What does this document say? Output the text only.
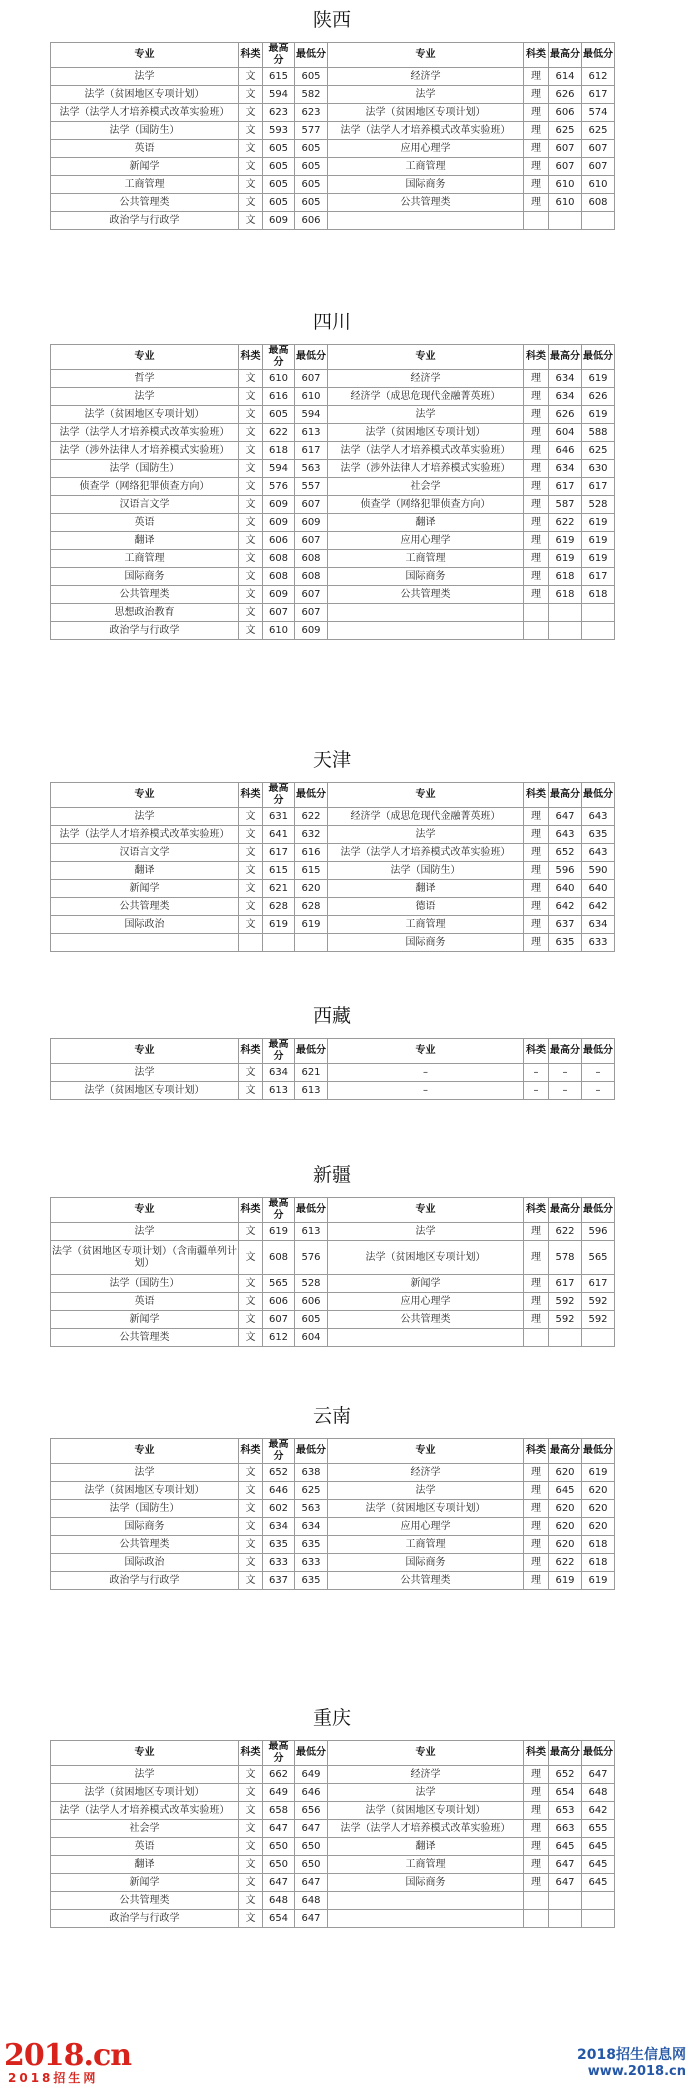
陕西
专业	科类	最高分	最低分	专业	科类	最高分	最低分
法学	文	615	605	经济学	理	614	612
法学（贫困地区专项计划）	文	594	582	法学	理	626	617
法学（法学人才培养模式改革实验班）	文	623	623	法学（贫困地区专项计划）	理	606	574
法学（国防生）	文	593	577	法学（法学人才培养模式改革实验班）	理	625	625
英语	文	605	605	应用心理学	理	607	607
新闻学	文	605	605	工商管理	理	607	607
工商管理	文	605	605	国际商务	理	610	610
公共管理类	文	605	605	公共管理类	理	610	608
政治学与行政学	文	609	606				
四川
专业	科类	最高分	最低分	专业	科类	最高分	最低分
哲学	文	610	607	经济学	理	634	619
法学	文	616	610	经济学（成思危现代金融菁英班）	理	634	626
法学（贫困地区专项计划）	文	605	594	法学	理	626	619
法学（法学人才培养模式改革实验班）	文	622	613	法学（贫困地区专项计划）	理	604	588
法学（涉外法律人才培养模式实验班）	文	618	617	法学（法学人才培养模式改革实验班）	理	646	625
法学（国防生）	文	594	563	法学（涉外法律人才培养模式实验班）	理	634	630
侦查学（网络犯罪侦查方向）	文	576	557	社会学	理	617	617
汉语言文学	文	609	607	侦查学（网络犯罪侦查方向）	理	587	528
英语	文	609	609	翻译	理	622	619
翻译	文	606	607	应用心理学	理	619	619
工商管理	文	608	608	工商管理	理	619	619
国际商务	文	608	608	国际商务	理	618	617
公共管理类	文	609	607	公共管理类	理	618	618
思想政治教育	文	607	607				
政治学与行政学	文	610	609				
天津
专业	科类	最高分	最低分	专业	科类	最高分	最低分
法学	文	631	622	经济学（成思危现代金融菁英班）	理	647	643
法学（法学人才培养模式改革实验班）	文	641	632	法学	理	643	635
汉语言文学	文	617	616	法学（法学人才培养模式改革实验班）	理	652	643
翻译	文	615	615	法学（国防生）	理	596	590
新闻学	文	621	620	翻译	理	640	640
公共管理类	文	628	628	德语	理	642	642
国际政治	文	619	619	工商管理	理	637	634
				国际商务	理	635	633
西藏
专业	科类	最高分	最低分	专业	科类	最高分	最低分
法学	文	634	621	–	–	–	–
法学（贫困地区专项计划）	文	613	613	–	–	–	–
新疆
专业	科类	最高分	最低分	专业	科类	最高分	最低分
法学	文	619	613	法学	理	622	596
法学（贫困地区专项计划）（含南疆单列计划）	文	608	576	法学（贫困地区专项计划）	理	578	565
法学（国防生）	文	565	528	新闻学	理	617	617
英语	文	606	606	应用心理学	理	592	592
新闻学	文	607	605	公共管理类	理	592	592
公共管理类	文	612	604				
云南
专业	科类	最高分	最低分	专业	科类	最高分	最低分
法学	文	652	638	经济学	理	620	619
法学（贫困地区专项计划）	文	646	625	法学	理	645	620
法学（国防生）	文	602	563	法学（贫困地区专项计划）	理	620	620
国际商务	文	634	634	应用心理学	理	620	620
公共管理类	文	635	635	工商管理	理	620	618
国际政治	文	633	633	国际商务	理	622	618
政治学与行政学	文	637	635	公共管理类	理	619	619
重庆
专业	科类	最高分	最低分	专业	科类	最高分	最低分
法学	文	662	649	经济学	理	652	647
法学（贫困地区专项计划）	文	649	646	法学	理	654	648
法学（法学人才培养模式改革实验班）	文	658	656	法学（贫困地区专项计划）	理	653	642
社会学	文	647	647	法学（法学人才培养模式改革实验班）	理	663	655
英语	文	650	650	翻译	理	645	645
翻译	文	650	650	工商管理	理	647	645
新闻学	文	647	647	国际商务	理	647	645
公共管理类	文	648	648				
政治学与行政学	文	654	647				
2018.cn
2018招生网
2018招生信息网
www.2018.cn
